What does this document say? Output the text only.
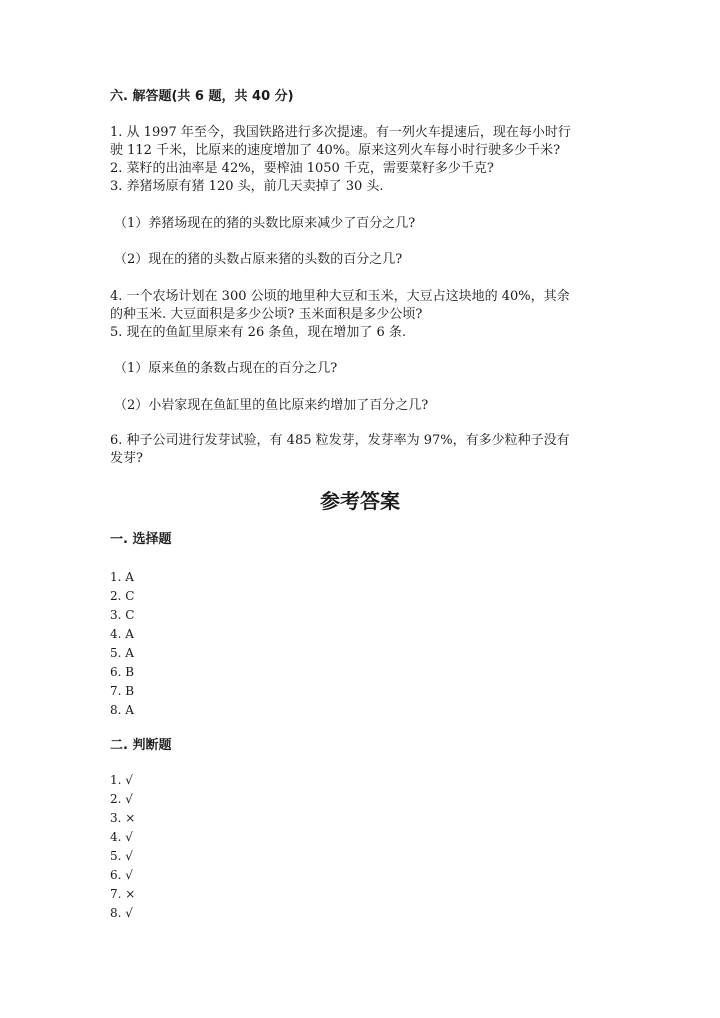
六. 解答题(共 6 题，共 40 分)
1. 从 1997 年至今，我国铁路进行多次提速。有一列火车提速后，现在每小时行
驶 112 千米，比原来的速度增加了 40%。原来这列火车每小时行驶多少千米?
2. 菜籽的出油率是 42%，要榨油 1050 千克，需要菜籽多少千克?
3. 养猪场原有猪 120 头，前几天卖掉了 30 头.
（1）养猪场现在的猪的头数比原来减少了百分之几?
（2）现在的猪的头数占原来猪的头数的百分之几?
4. 一个农场计划在 300 公顷的地里种大豆和玉米，大豆占这块地的 40%，其余
的种玉米. 大豆面积是多少公顷? 玉米面积是多少公顷?
5. 现在的鱼缸里原来有 26 条鱼，现在增加了 6 条.
（1）原来鱼的条数占现在的百分之几?
（2）小岩家现在鱼缸里的鱼比原来约增加了百分之几?
6. 种子公司进行发芽试验，有 485 粒发芽，发芽率为 97%，有多少粒种子没有
发芽?
参考答案
一. 选择题
1. A
2. C
3. C
4. A
5. A
6. B
7. B
8. A
二. 判断题
1. √
2. √
3. ×
4. √
5. √
6. √
7. ×
8. √
